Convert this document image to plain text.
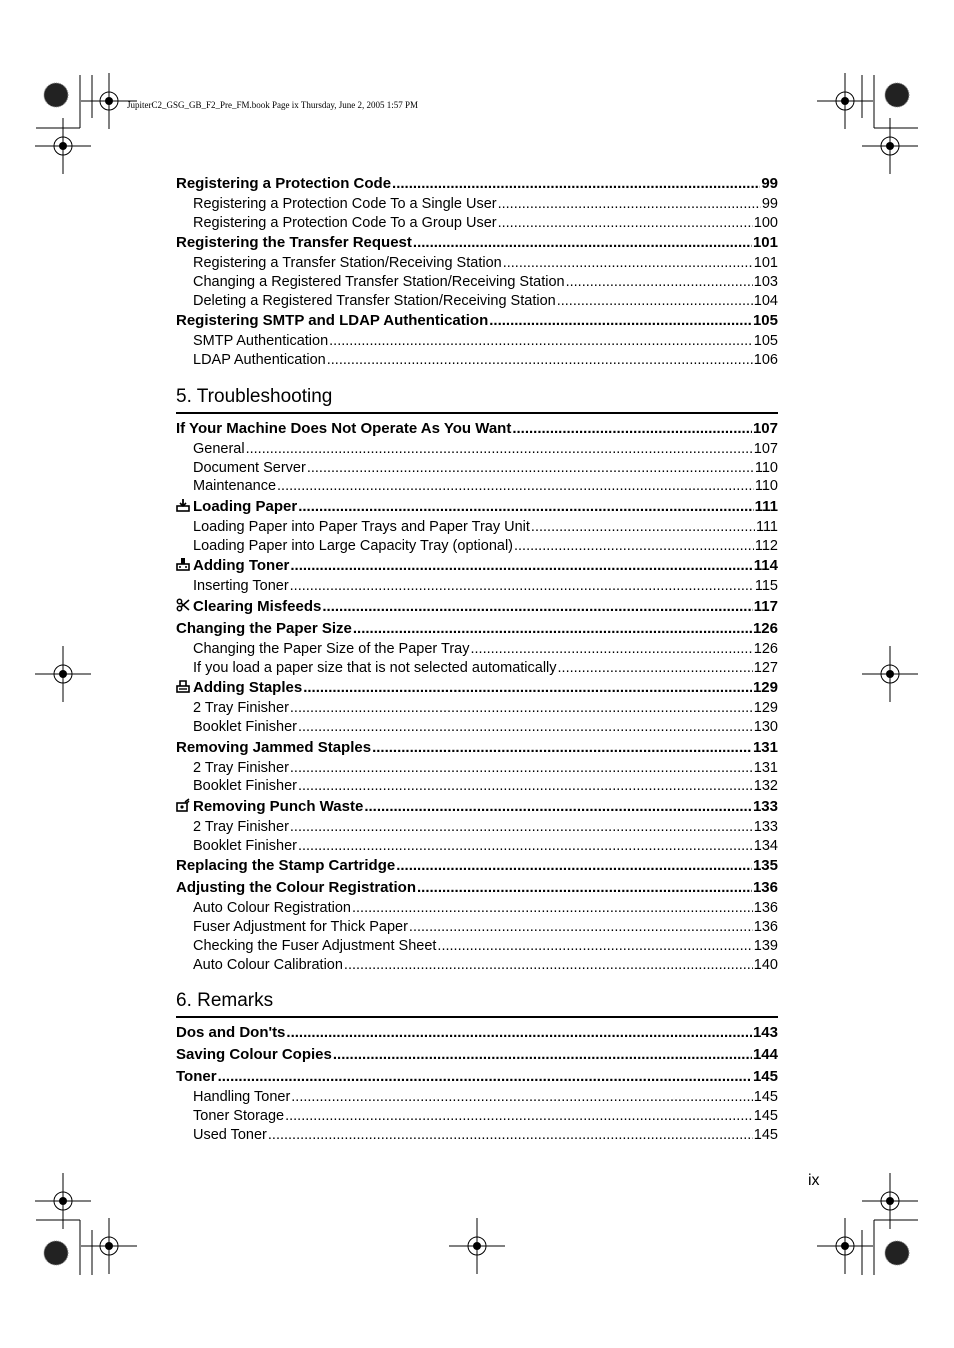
JupiterC2_GSG_GB_F2_Pre_FM.book Page ix Thursday, June 2, 2005 1:57 PM
Registering a Protection Code .....	99
Registering a Protection Code To a Single User .....	99
Registering a Protection Code To a Group User .....	100
Registering the Transfer Request .....	101
Registering a Transfer Station/Receiving Station .....	101
Changing a Registered Transfer Station/Receiving Station .....	103
Deleting a Registered Transfer Station/Receiving Station .....	104
Registering SMTP and LDAP Authentication .....	105
SMTP Authentication .....	105
LDAP Authentication .....	106
5. Troubleshooting
If Your Machine Does Not Operate As You Want .....	107
General .....	107
Document Server .....	110
Maintenance .....	110
Loading Paper .....	111
Loading Paper into Paper Trays and Paper Tray Unit .....	111
Loading Paper into Large Capacity Tray (optional) .....	112
Adding Toner .....	114
Inserting Toner .....	115
Clearing Misfeeds .....	117
Changing the Paper Size .....	126
Changing the Paper Size of the Paper Tray .....	126
If you load a paper size that is not selected automatically .....	127
Adding Staples .....	129
2 Tray Finisher .....	129
Booklet Finisher .....	130
Removing Jammed Staples .....	131
2 Tray Finisher .....	131
Booklet Finisher .....	132
Removing Punch Waste .....	133
2 Tray Finisher .....	133
Booklet Finisher .....	134
Replacing the Stamp Cartridge .....	135
Adjusting the Colour Registration .....	136
Auto Colour Registration .....	136
Fuser Adjustment for Thick Paper .....	136
Checking the Fuser Adjustment Sheet .....	139
Auto Colour Calibration .....	140
6. Remarks
Dos and Don'ts .....	143
Saving Colour Copies .....	144
Toner .....	145
Handling Toner .....	145
Toner Storage .....	145
Used Toner .....	145
ix
